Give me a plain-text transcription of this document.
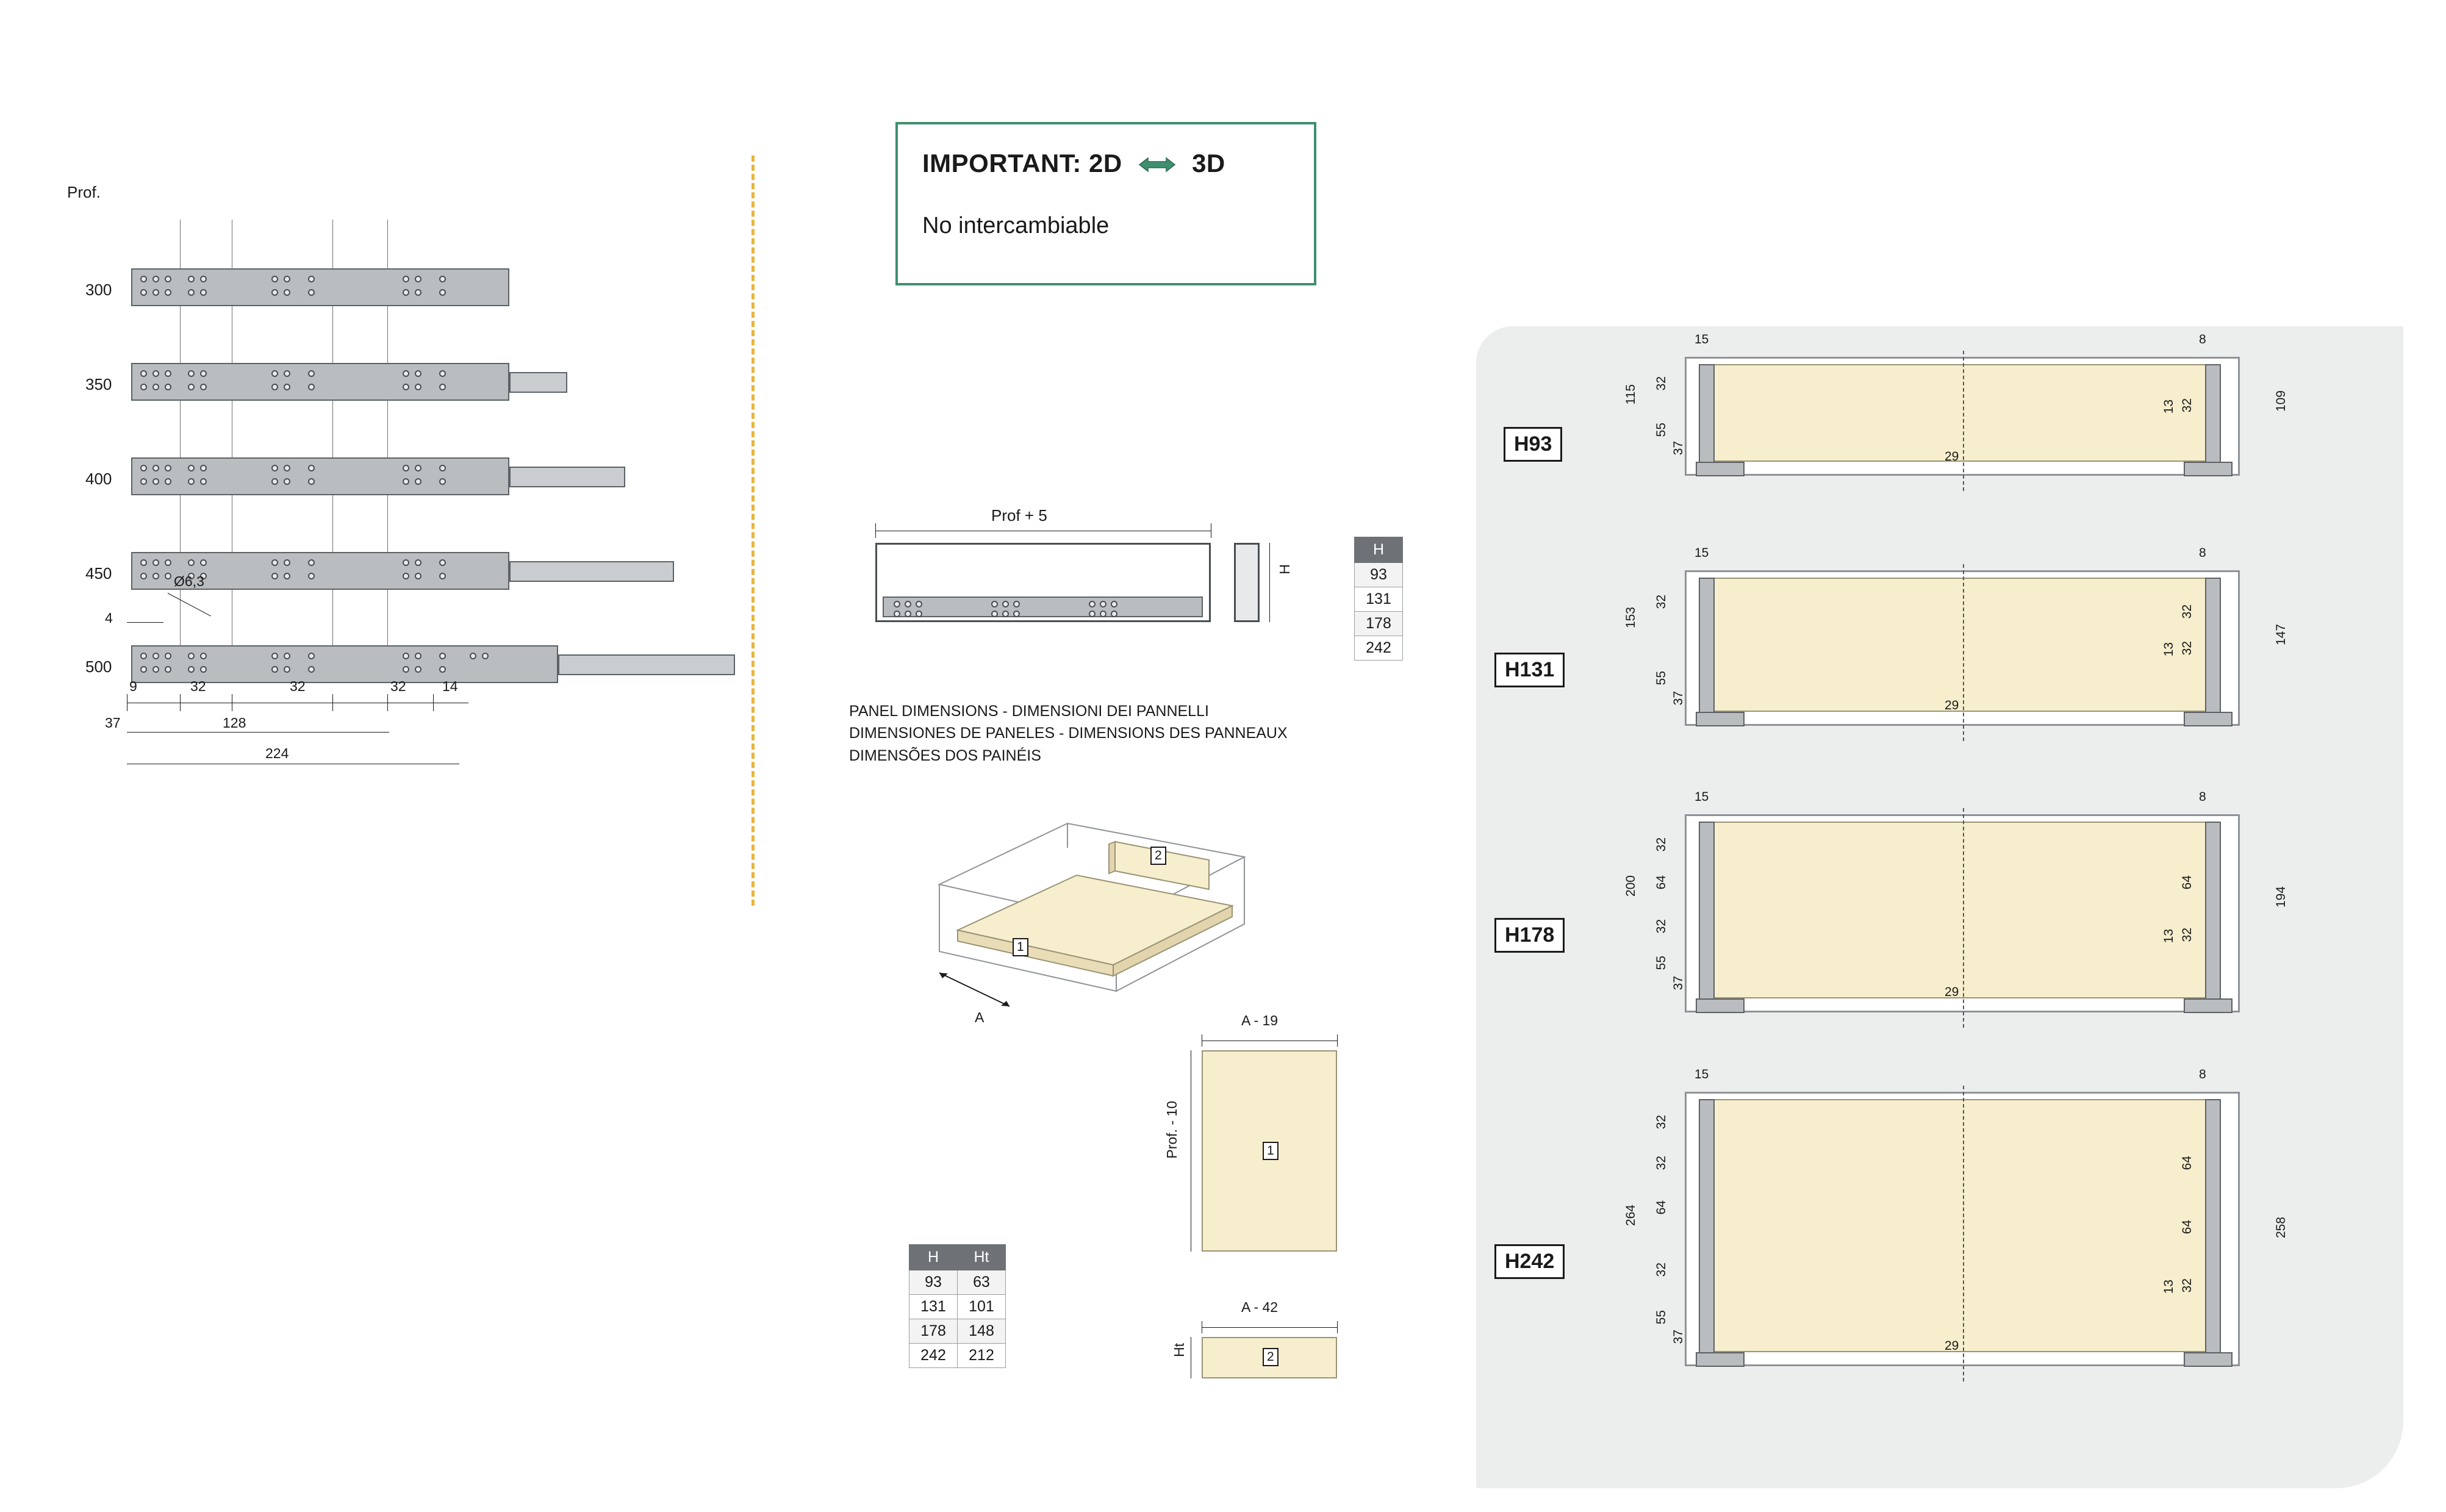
IMPORTANT: 2D	3D
No intercambiable
Prof.
300
350
400
450
500
Ø6,3
4
9	32	32	32	14
37	128
224
Prof + 5
H
H
93
131
178
242
PANEL DIMENSIONS - DIMENSIONI DEI PANNELLI
DIMENSIONES DE PANELES - DIMENSIONS DES PANNEAUX
DIMENSÕES DOS PAINÉIS
1
2
A	A - 19
1
Prof. - 10
A - 42
2
Ht
H	Ht
93	63
131	101
178	148
242	212
H93
15	8
115
32
55
37
13 32
29
109
H131
15	8
153
32
55
37
13 32
32
29
147
H178
15	8
200
32
64
32
55
37
64
13 32
29
194
H242
15	8
264
32
32
64
32
55
37
64
64
13 32
29
258
